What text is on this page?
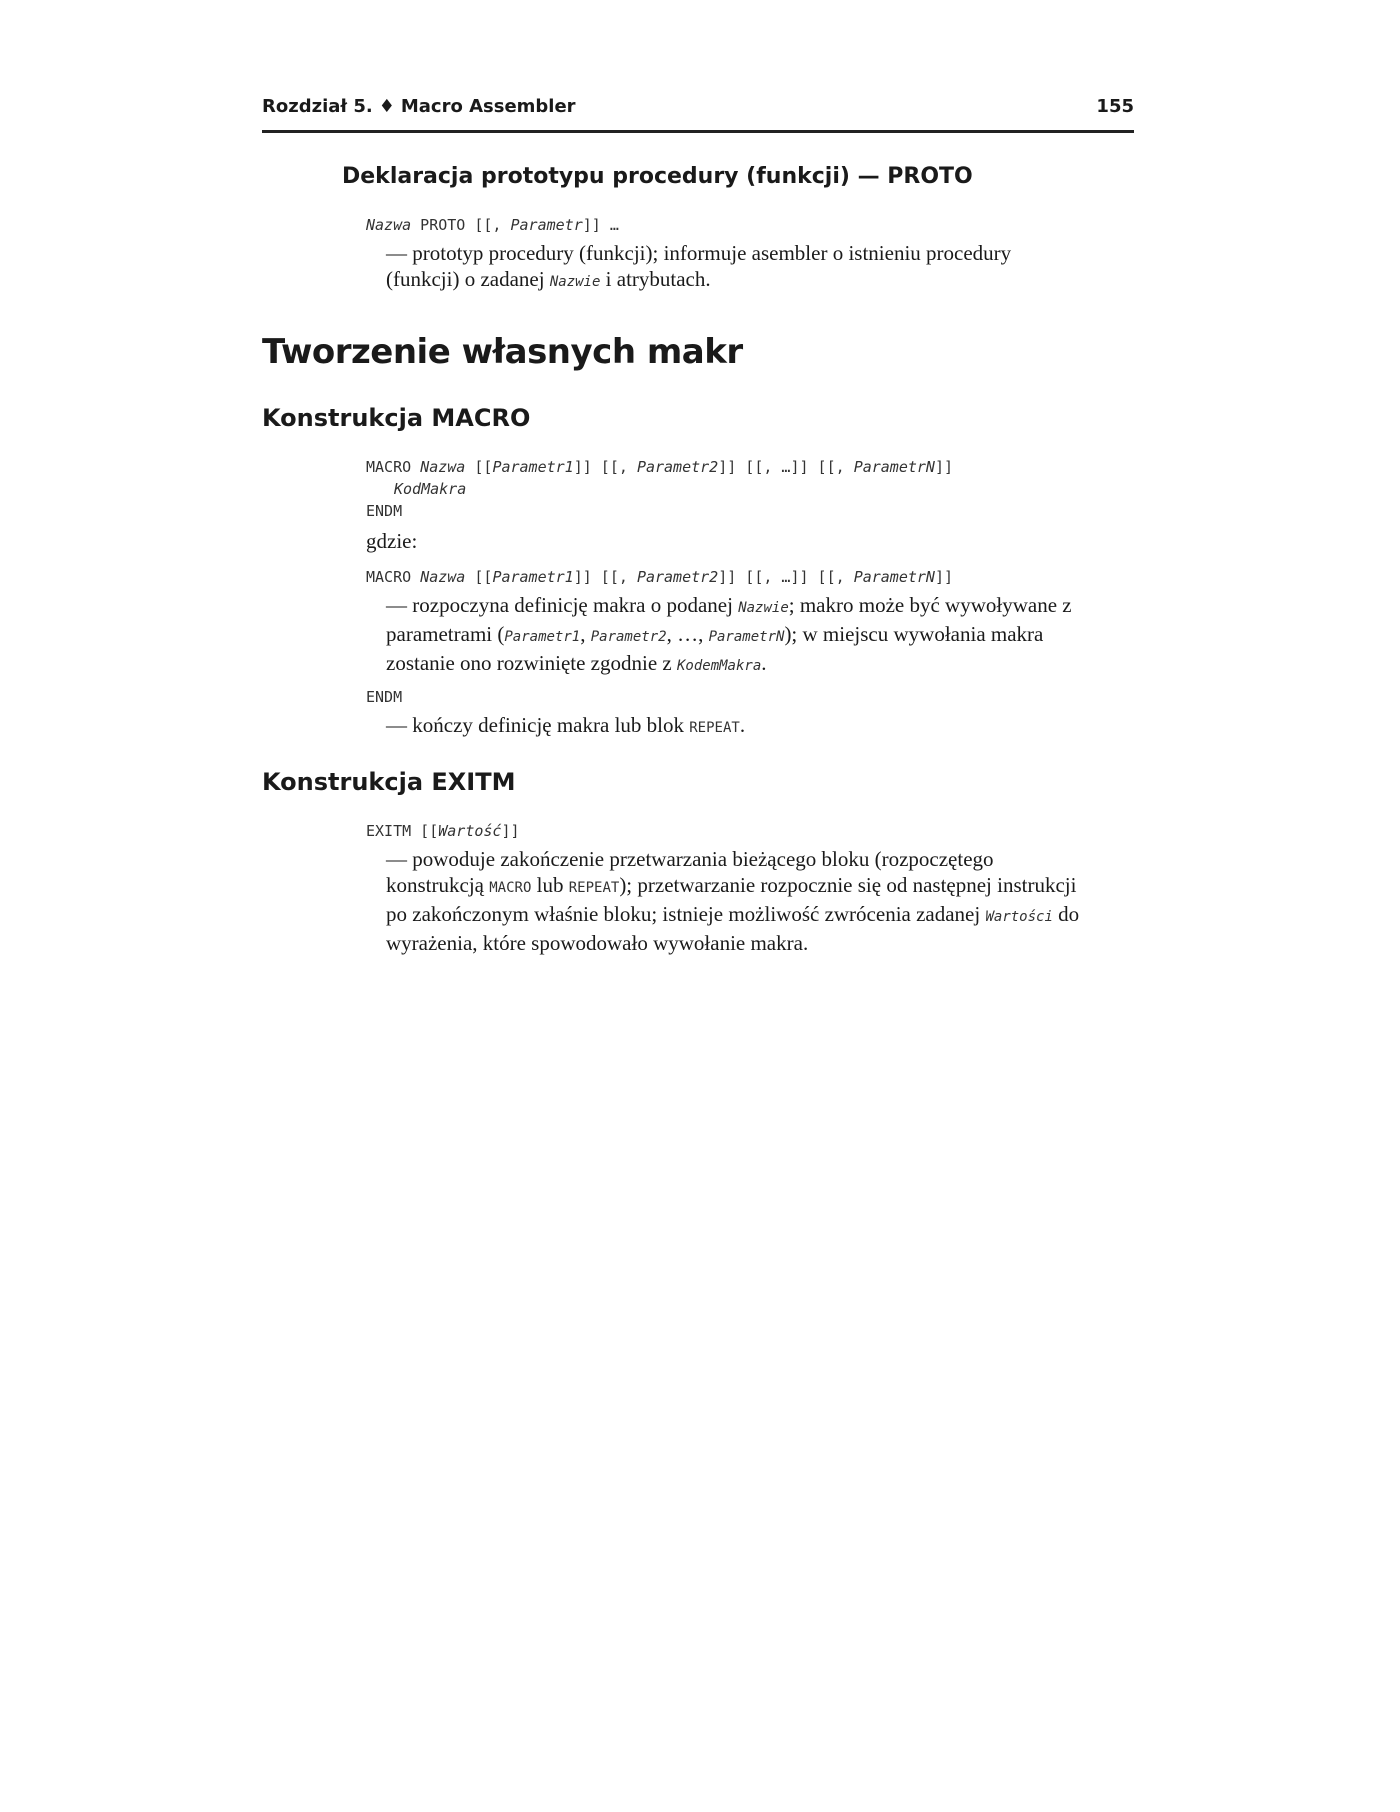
Rozdział 5. ♦ Macro Assembler	155
Deklaracja prototypu procedury (funkcji) — PROTO
Nazwa PROTO [[, Parametr]] …

— prototyp procedury (funkcji); informuje asembler o istnieniu procedury (funkcji) o zadanej Nazwie i atrybutach.

Tworzenie własnych makr
Konstrukcja MACRO
MACRO Nazwa [[Parametr1]] [[, Parametr2]] [[, …]] [[, ParametrN]]
KodMakra
ENDM

gdzie:

MACRO Nazwa [[Parametr1]] [[, Parametr2]] [[, …]] [[, ParametrN]]

— rozpoczyna definicję makra o podanej Nazwie; makro może być wywoływane z parametrami (Parametr1, Parametr2, …, ParametrN); w miejscu wywołania makra zostanie ono rozwinięte zgodnie z KodemMakra.

ENDM

— kończy definicję makra lub blok REPEAT.

Konstrukcja EXITM
EXITM [[Wartość]]

— powoduje zakończenie przetwarzania bieżącego bloku (rozpoczętego konstrukcją MACRO lub REPEAT); przetwarzanie rozpocznie się od następnej instrukcji po zakończonym właśnie bloku; istnieje możliwość zwrócenia zadanej Wartości do wyrażenia, które spowodowało wywołanie makra.
